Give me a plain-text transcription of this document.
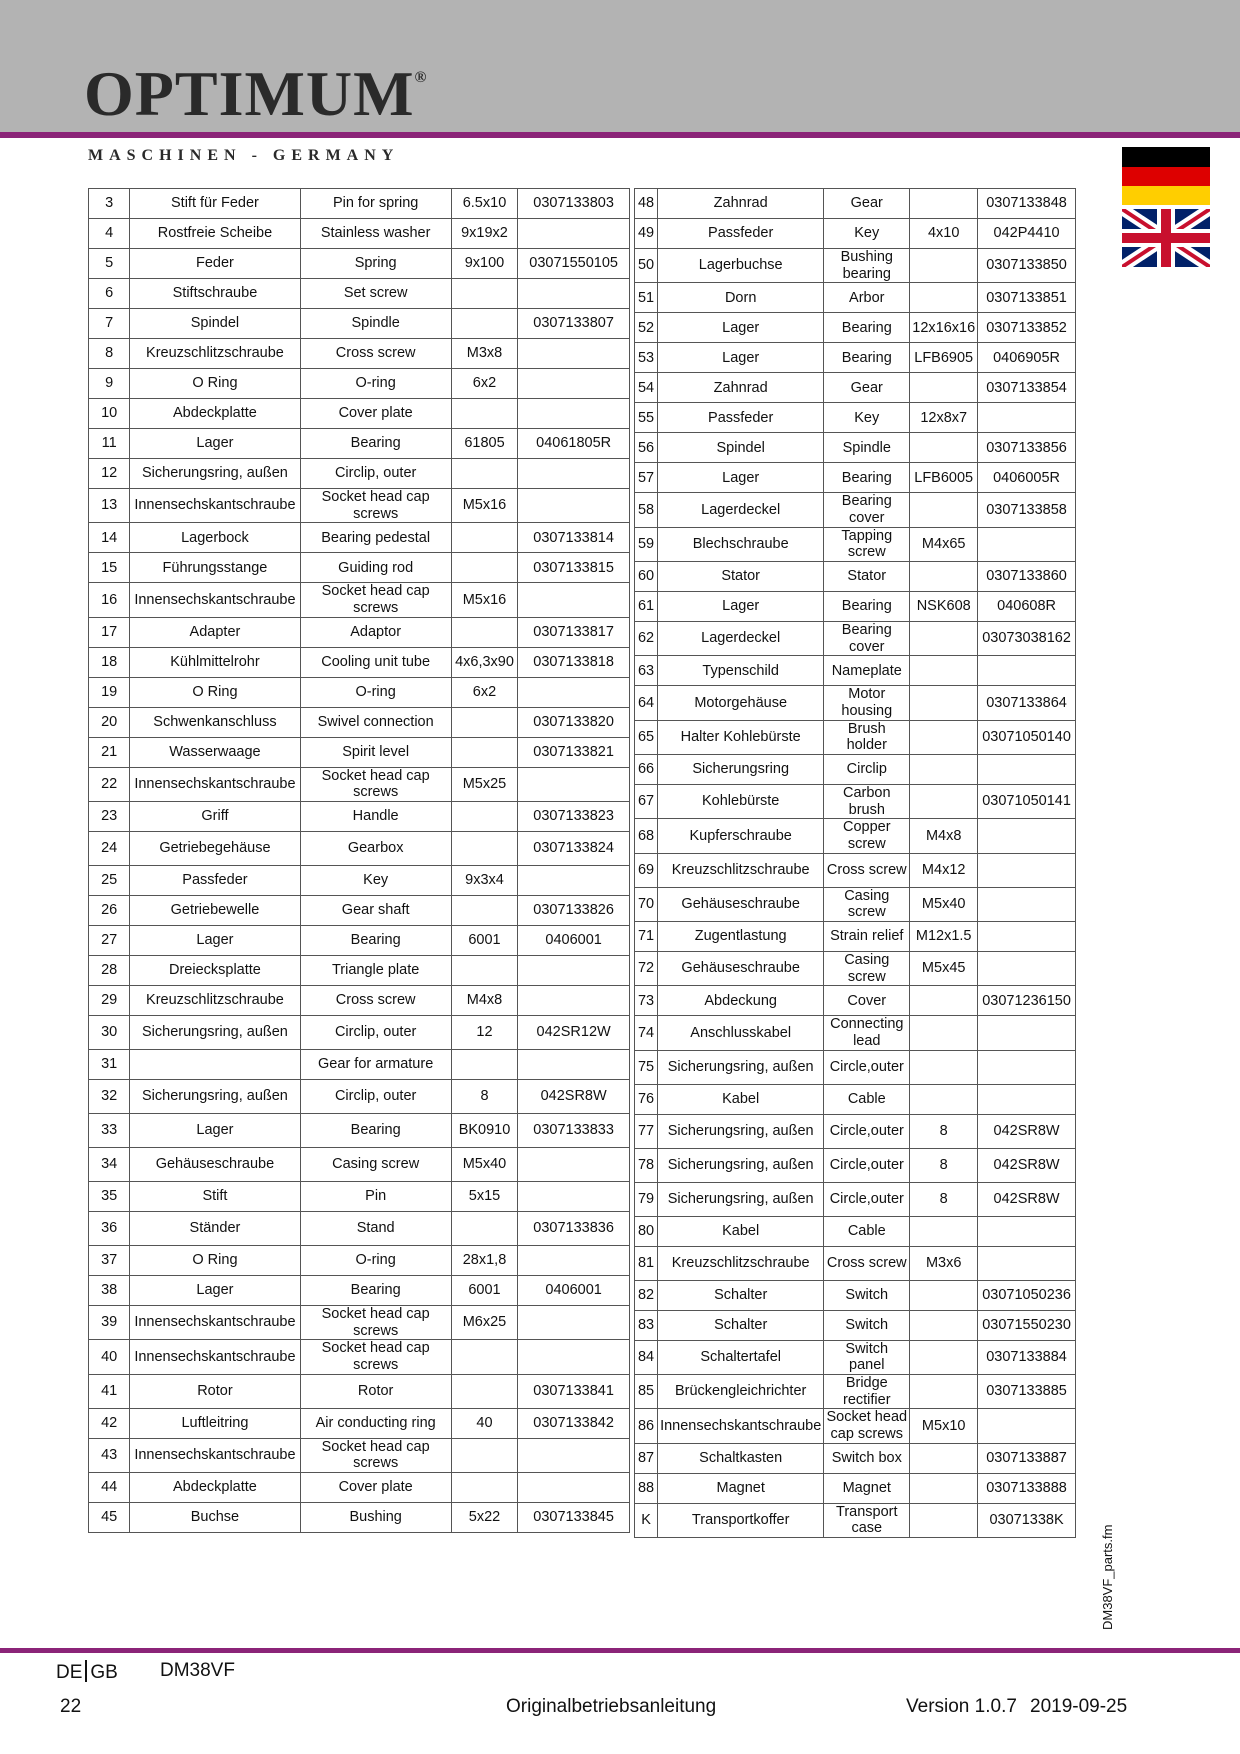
OPTIMUM®
MASCHINEN - GERMANY
3	Stift für Feder	Pin for spring	6.5x10	0307133803
4	Rostfreie Scheibe	Stainless washer	9x19x2	
5	Feder	Spring	9x100	03071550105
6	Stiftschraube	Set screw		
7	Spindel	Spindle		0307133807
8	Kreuzschlitzschraube	Cross screw	M3x8	
9	O Ring	O-ring	6x2	
10	Abdeckplatte	Cover plate		
11	Lager	Bearing	61805	04061805R
12	Sicherungsring, außen	Circlip, outer		
13	Innensechskantschraube	Socket head cap screws	M5x16	
14	Lagerbock	Bearing pedestal		0307133814
15	Führungsstange	Guiding rod		0307133815
16	Innensechskantschraube	Socket head cap screws	M5x16	
17	Adapter	Adaptor		0307133817
18	Kühlmittelrohr	Cooling unit tube	4x6,3x90	0307133818
19	O Ring	O-ring	6x2	
20	Schwenkanschluss	Swivel connection		0307133820
21	Wasserwaage	Spirit level		0307133821
22	Innensechskantschraube	Socket head cap screws	M5x25	
23	Griff	Handle		0307133823
24	Getriebegehäuse	Gearbox		0307133824
25	Passfeder	Key	9x3x4	
26	Getriebewelle	Gear shaft		0307133826
27	Lager	Bearing	6001	0406001
28	Dreiecksplatte	Triangle plate		
29	Kreuzschlitzschraube	Cross screw	M4x8	
30	Sicherungsring, außen	Circlip, outer	12	042SR12W
31		Gear for armature		
32	Sicherungsring, außen	Circlip, outer	8	042SR8W
33	Lager	Bearing	BK0910	0307133833
34	Gehäuseschraube	Casing screw	M5x40	
35	Stift	Pin	5x15	
36	Ständer	Stand		0307133836
37	O Ring	O-ring	28x1,8	
38	Lager	Bearing	6001	0406001
39	Innensechskantschraube	Socket head cap screws	M6x25	
40	Innensechskantschraube	Socket head cap screws		
41	Rotor	Rotor		0307133841
42	Luftleitring	Air conducting ring	40	0307133842
43	Innensechskantschraube	Socket head cap screws		
44	Abdeckplatte	Cover plate		
45	Buchse	Bushing	5x22	0307133845
48	Zahnrad	Gear		0307133848
49	Passfeder	Key	4x10	042P4410
50	Lagerbuchse	Bushing bearing		0307133850
51	Dorn	Arbor		0307133851
52	Lager	Bearing	12x16x16	0307133852
53	Lager	Bearing	LFB6905	0406905R
54	Zahnrad	Gear		0307133854
55	Passfeder	Key	12x8x7	
56	Spindel	Spindle		0307133856
57	Lager	Bearing	LFB6005	0406005R
58	Lagerdeckel	Bearing cover		0307133858
59	Blechschraube	Tapping screw	M4x65	
60	Stator	Stator		0307133860
61	Lager	Bearing	NSK608	040608R
62	Lagerdeckel	Bearing cover		03073038162
63	Typenschild	Nameplate		
64	Motorgehäuse	Motor housing		0307133864
65	Halter Kohlebürste	Brush holder		03071050140
66	Sicherungsring	Circlip		
67	Kohlebürste	Carbon brush		03071050141
68	Kupferschraube	Copper screw	M4x8	
69	Kreuzschlitzschraube	Cross screw	M4x12	
70	Gehäuseschraube	Casing screw	M5x40	
71	Zugentlastung	Strain relief	M12x1.5	
72	Gehäuseschraube	Casing screw	M5x45	
73	Abdeckung	Cover		03071236150
74	Anschlusskabel	Connecting lead		
75	Sicherungsring, außen	Circle,outer		
76	Kabel	Cable		
77	Sicherungsring, außen	Circle,outer	8	042SR8W
78	Sicherungsring, außen	Circle,outer	8	042SR8W
79	Sicherungsring, außen	Circle,outer	8	042SR8W
80	Kabel	Cable		
81	Kreuzschlitzschraube	Cross screw	M3x6	
82	Schalter	Switch		03071050236
83	Schalter	Switch		03071550230
84	Schaltertafel	Switch panel		0307133884
85	Brückengleichrichter	Bridge rectifier		0307133885
86	Innensechskantschraube	Socket head cap screws	M5x10	
87	Schaltkasten	Switch box		0307133887
88	Magnet	Magnet		0307133888
K	Transportkoffer	Transport case		03071338K
DM38VF_parts.fm
DE GB DM38VF
22	Originalbetriebsanleitung	Version 1.0.7 2019-09-25
